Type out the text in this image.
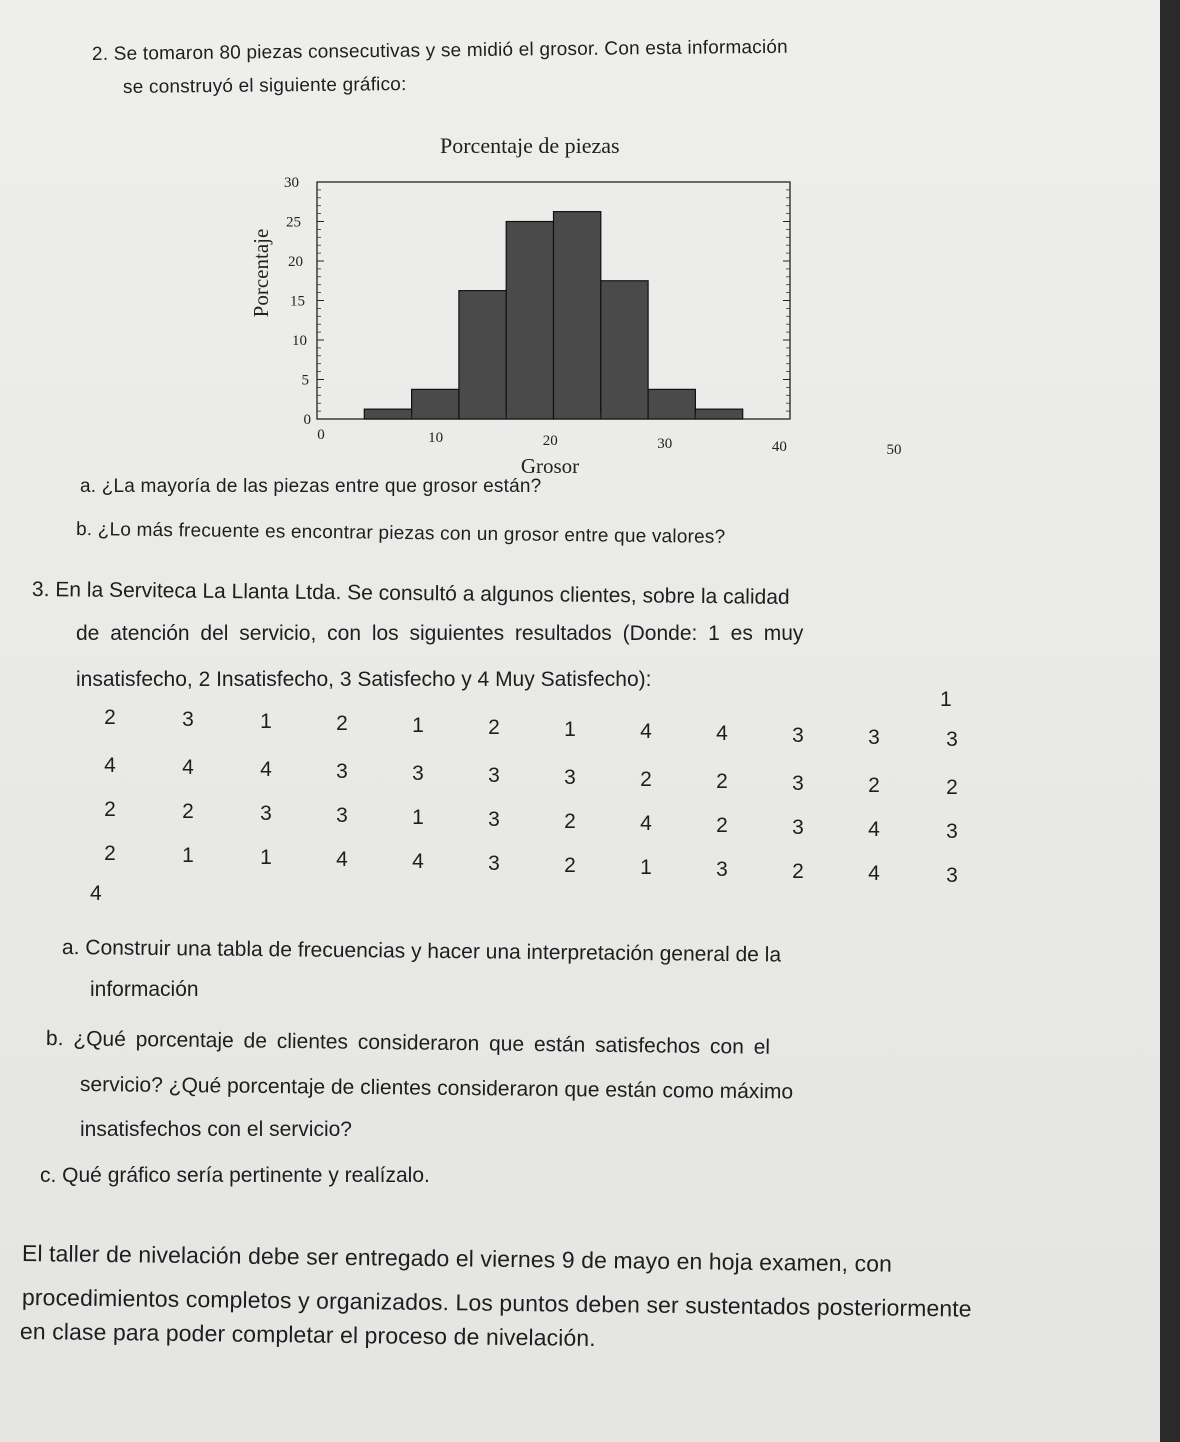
2. Se tomaron 80 piezas consecutivas y se midió el grosor. Con esta información
se construyó el siguiente gráfico:
Porcentaje de piezas
0
5
10
15
20
25
30
0	10	20	30	40	50
Porcentaje
Grosor
a. ¿La mayoría de las piezas entre que grosor están?
b. ¿Lo más frecuente es encontrar piezas con un grosor entre que valores?
3. En la Serviteca La Llanta Ltda. Se consultó a algunos clientes, sobre la calidad
de atención del servicio, con los siguientes resultados (Donde: 1 es muy
insatisfecho, 2 Insatisfecho, 3 Satisfecho y 4 Muy Satisfecho):
1
2	3	1	2	1	2	1	4	4	3	3	3
4	4	4	3	3	3	3	2	2	3	2	2
2	2	3	3	1	3	2	4	2	3	4	3
2	1	1	4	4	3	2	1	3	2	4	3
4
a. Construir una tabla de frecuencias y hacer una interpretación general de la
información
b. ¿Qué porcentaje de clientes consideraron que están satisfechos con el
servicio? ¿Qué porcentaje de clientes consideraron que están como máximo
insatisfechos con el servicio?
c. Qué gráfico sería pertinente y realízalo.
El taller de nivelación debe ser entregado el viernes 9 de mayo en hoja examen, con
procedimientos completos y organizados. Los puntos deben ser sustentados posteriormente
en clase para poder completar el proceso de nivelación.
